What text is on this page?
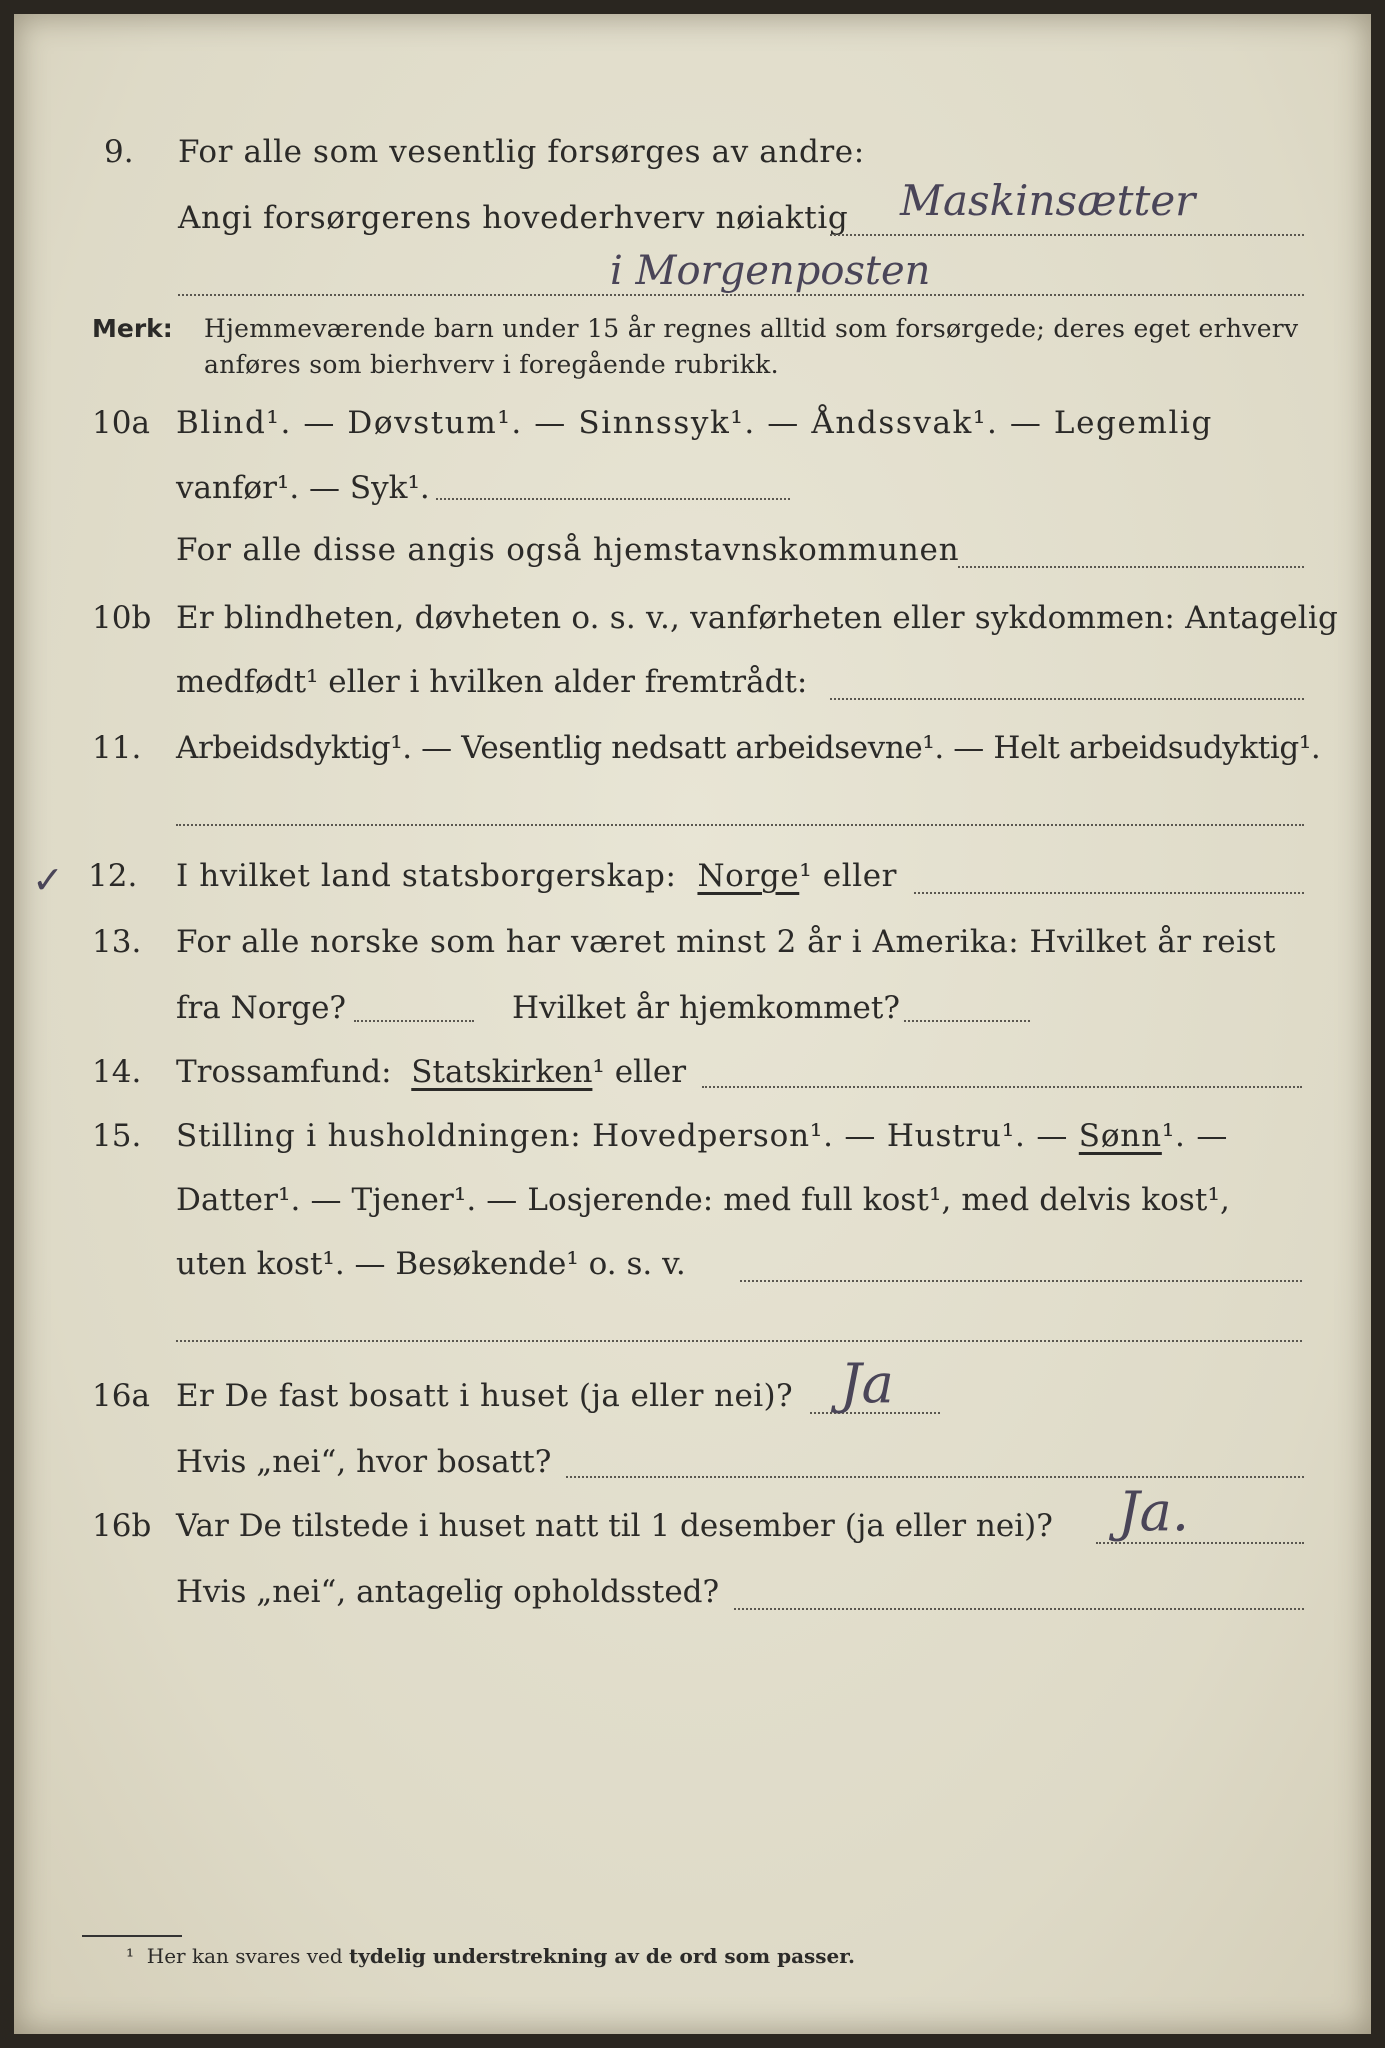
9. For alle som vesentlig forsørges av andre:
Angi forsørgerens hovederhverv nøiaktig Maskinsætter
i Morgenposten
Merk: Hjemmeværende barn under 15 år regnes alltid som forsørgede; deres eget erhverv
anføres som bierhverv i foregående rubrikk.
10a Blind¹. — Døvstum¹. — Sinnssyk¹. — Åndssvak¹. — Legemlig
vanfør¹. — Syk¹.
For alle disse angis også hjemstavnskommunen
10b Er blindheten, døvheten o. s. v., vanførheten eller sykdommen: Antagelig
medfødt¹ eller i hvilken alder fremtrådt:
11. Arbeidsdyktig¹. — Vesentlig nedsatt arbeidsevne¹. — Helt arbeidsudyktig¹.
✓ 12. I hvilket land statsborgerskap: Norge¹ eller
13. For alle norske som har været minst 2 år i Amerika: Hvilket år reist
fra Norge?	Hvilket år hjemkommet?
14. Trossamfund: Statskirken¹ eller
15. Stilling i husholdningen: Hovedperson¹. — Hustru¹. — Sønn¹. —
Datter¹. — Tjener¹. — Losjerende: med full kost¹, med delvis kost¹,
uten kost¹. — Besøkende¹ o. s. v.
16a Er De fast bosatt i huset (ja eller nei)? Ja
Hvis „nei“, hvor bosatt?
16b Var De tilstede i huset natt til 1 desember (ja eller nei)? Ja.
Hvis „nei“, antagelig opholdssted?
¹ Her kan svares ved tydelig understrekning av de ord som passer.
